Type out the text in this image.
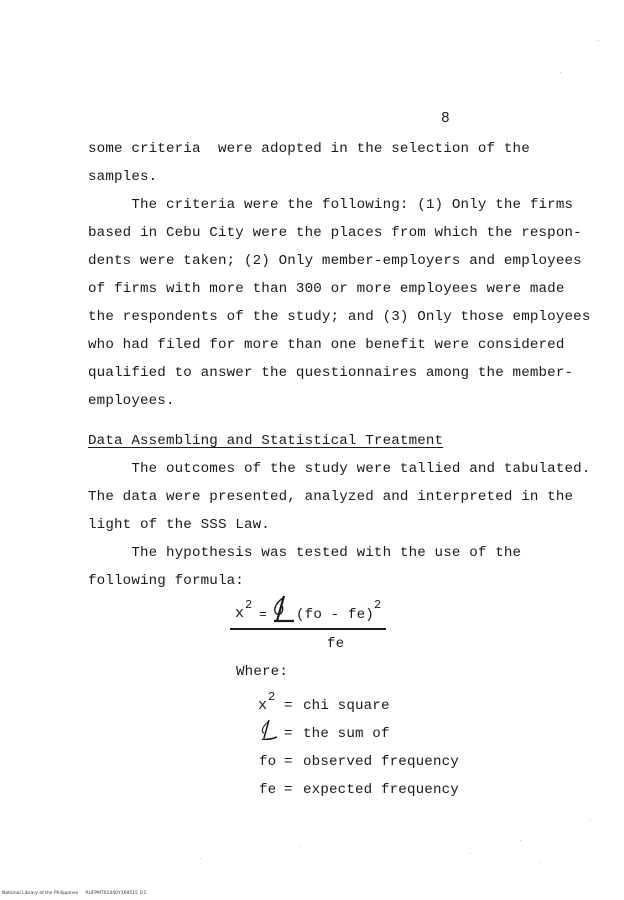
8
some criteria  were adopted in the selection of the
samples.
The criteria were the following: (1) Only the firms
based in Cebu City were the places from which the respon-
dents were taken; (2) Only member-employers and employees
of firms with more than 300 or more employees were made
the respondents of the study; and (3) Only those employees
who had filed for more than one benefit were considered
qualified to answer the questionnaires among the member-
employees.
Data Assembling and Statistical Treatment
The outcomes of the study were tallied and tabulated.
The data were presented, analyzed and interpreted in the
light of the SSS Law.
The hypothesis was tested with the use of the
following formula:
x 2
= (fo - fe)
2
fe
Where:
x 2
= chi square
= the sum of
fo = observed frequency
fe = expected frequency
National Library of the Philippines     RUFPMT01440Y169515 1l1
